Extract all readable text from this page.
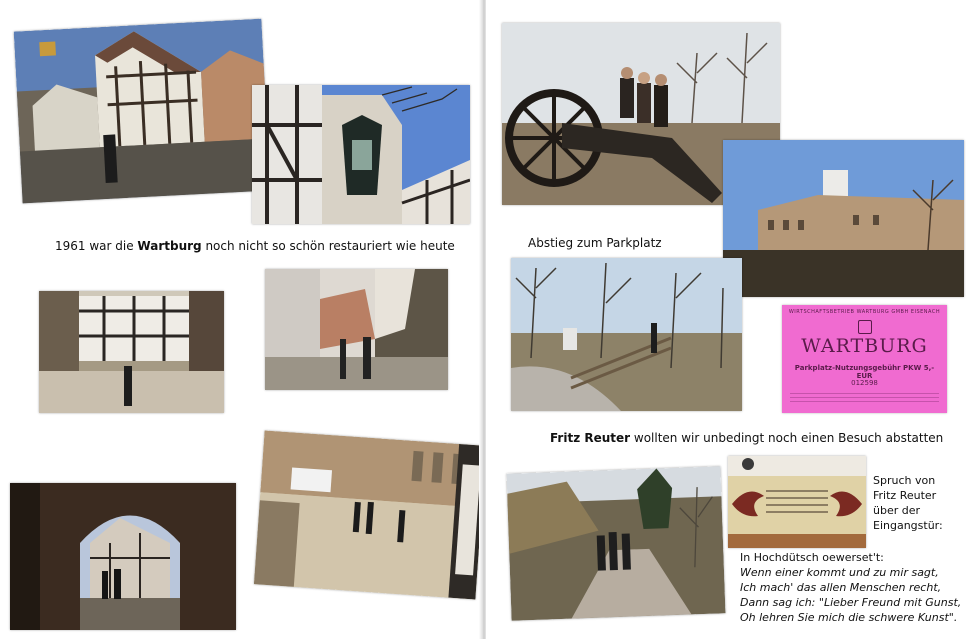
1961 war die Wartburg noch nicht so schön restauriert wie heute	Abstieg zum Parkplatz
WIRTSCHAFTSBETRIEB WARTBURG GMBH EISENACH
WARTBURG
Parkplatz-Nutzungsgebühr PKW 5,- EUR
012598
Fritz Reuter wollten wir unbedingt noch einen Besuch abstatten
Spruch von
Fritz Reuter
über der
Eingangstür:
In Hochdütsch oewerset't:
Wenn einer kommt und zu mir sagt,
Ich mach' das allen Menschen recht,
Dann sag ich: "Lieber Freund mit Gunst,
Oh lehren Sie mich die schwere Kunst".
